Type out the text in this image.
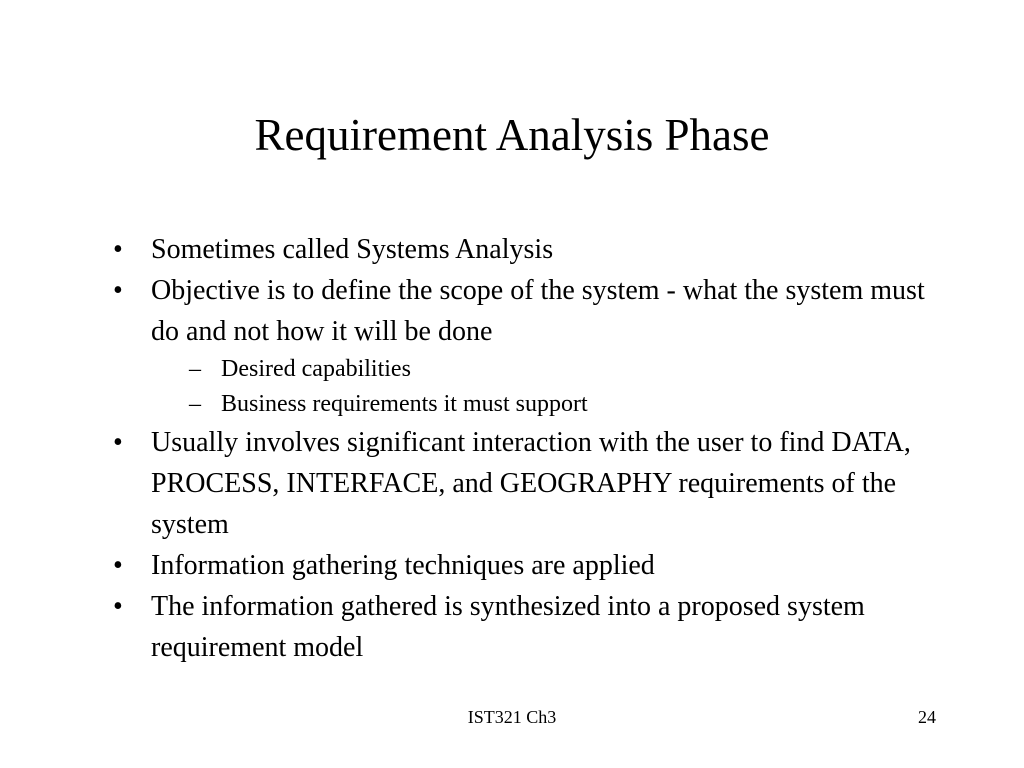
Requirement Analysis Phase
• Sometimes called Systems Analysis
• Objective is to define the scope of the system - what the system must do and not how it will be done
– Desired capabilities
– Business requirements it must support
• Usually involves significant interaction with the user to find DATA, PROCESS, INTERFACE, and GEOGRAPHY requirements of the system
• Information gathering techniques are applied
• The information gathered is synthesized into a proposed system requirement model
IST321 Ch3	24
